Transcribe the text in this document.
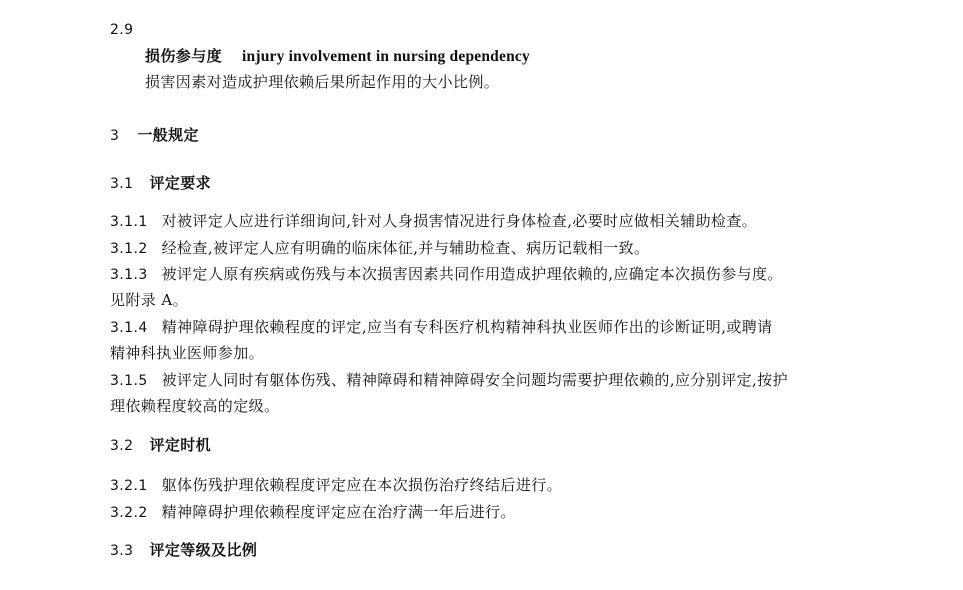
2.9
损伤参与度 injury involvement in nursing dependency
损害因素对造成护理依赖后果所起作用的大小比例。
3 一般规定
3.1 评定要求
3.1.1 对被评定人应进行详细询问,针对人身损害情况进行身体检查,必要时应做相关辅助检查。
3.1.2 经检查,被评定人应有明确的临床体征,并与辅助检查、病历记载相一致。
3.1.3 被评定人原有疾病或伤残与本次损害因素共同作用造成护理依赖的,应确定本次损伤参与度。
见附录 A。
3.1.4 精神障碍护理依赖程度的评定,应当有专科医疗机构精神科执业医师作出的诊断证明,或聘请
精神科执业医师参加。
3.1.5 被评定人同时有躯体伤残、精神障碍和精神障碍安全问题均需要护理依赖的,应分别评定,按护
理依赖程度较高的定级。
3.2 评定时机
3.2.1 躯体伤残护理依赖程度评定应在本次损伤治疗终结后进行。
3.2.2 精神障碍护理依赖程度评定应在治疗满一年后进行。
3.3 评定等级及比例
